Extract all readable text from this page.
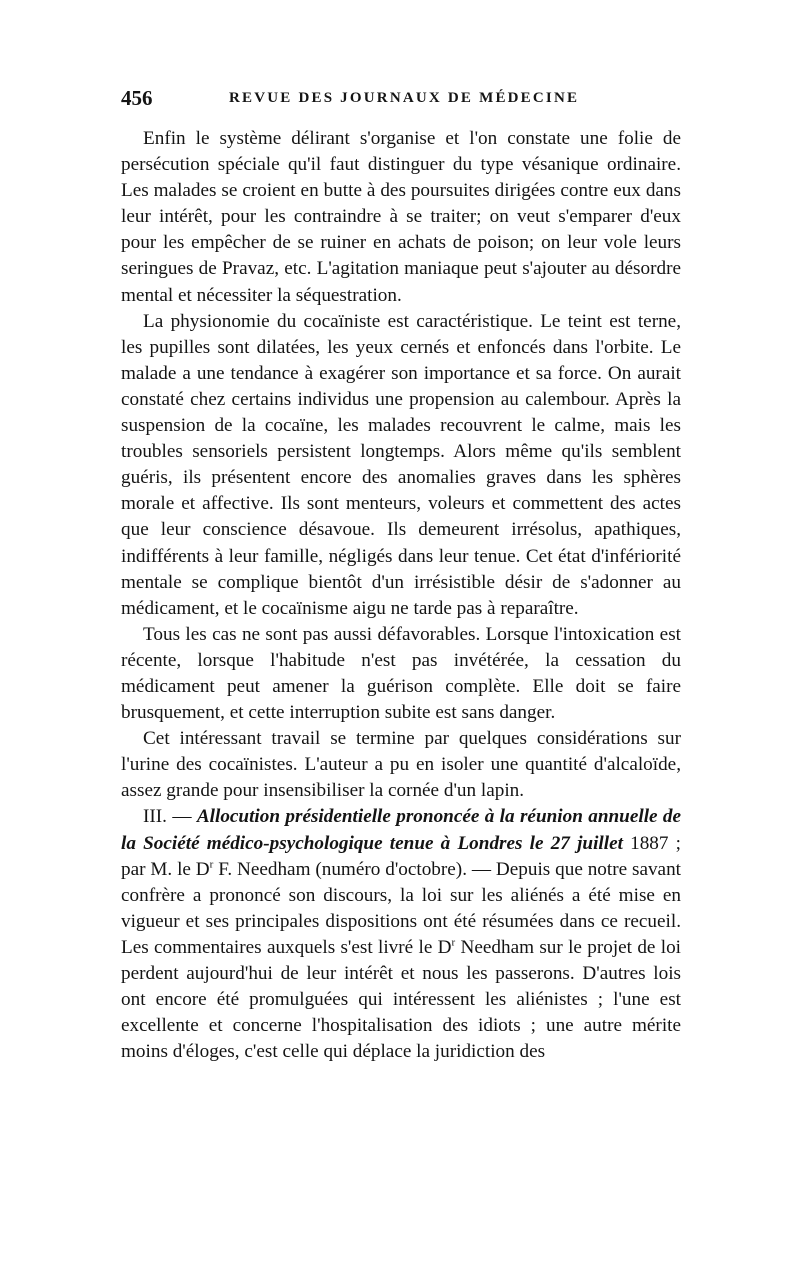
456	REVUE DES JOURNAUX DE MÉDECINE

Enfin le système délirant s'organise et l'on constate une folie de persécution spéciale qu'il faut distinguer du type vésanique ordinaire. Les malades se croient en butte à des poursuites dirigées contre eux dans leur intérêt, pour les contraindre à se traiter; on veut s'emparer d'eux pour les empêcher de se ruiner en achats de poison; on leur vole leurs seringues de Pravaz, etc. L'agitation maniaque peut s'ajouter au désordre mental et nécessiter la séquestration.

La physionomie du cocaïniste est caractéristique. Le teint est terne, les pupilles sont dilatées, les yeux cernés et enfoncés dans l'orbite. Le malade a une tendance à exagérer son importance et sa force. On aurait constaté chez certains individus une propension au calembour. Après la suspension de la cocaïne, les malades recouvrent le calme, mais les troubles sensoriels persistent longtemps. Alors même qu'ils semblent guéris, ils présentent encore des anomalies graves dans les sphères morale et affective. Ils sont menteurs, voleurs et commettent des actes que leur conscience désavoue. Ils demeurent irrésolus, apathiques, indifférents à leur famille, négligés dans leur tenue. Cet état d'infériorité mentale se complique bientôt d'un irrésistible désir de s'adonner au médicament, et le cocaïnisme aigu ne tarde pas à reparaître.

Tous les cas ne sont pas aussi défavorables. Lorsque l'intoxication est récente, lorsque l'habitude n'est pas invétérée, la cessation du médicament peut amener la guérison complète. Elle doit se faire brusquement, et cette interruption subite est sans danger.

Cet intéressant travail se termine par quelques considérations sur l'urine des cocaïnistes. L'auteur a pu en isoler une quantité d'alcaloïde, assez grande pour insensibiliser la cornée d'un lapin.

III. — Allocution présidentielle prononcée à la réunion annuelle de la Société médico-psychologique tenue à Londres le 27 juillet 1887 ; par M. le $D^r$ F. Needham (numéro d'octobre). — Depuis que notre savant confrère a prononcé son discours, la loi sur les aliénés a été mise en vigueur et ses principales dispositions ont été résumées dans ce recueil. Les commentaires auxquels s'est livré le $D^r$ Needham sur le projet de loi perdent aujourd'hui de leur intérêt et nous les passerons. D'autres lois ont encore été promulguées qui intéressent les aliénistes ; l'une est excellente et concerne l'hospitalisation des idiots ; une autre mérite moins d'éloges, c'est celle qui déplace la juridiction des
